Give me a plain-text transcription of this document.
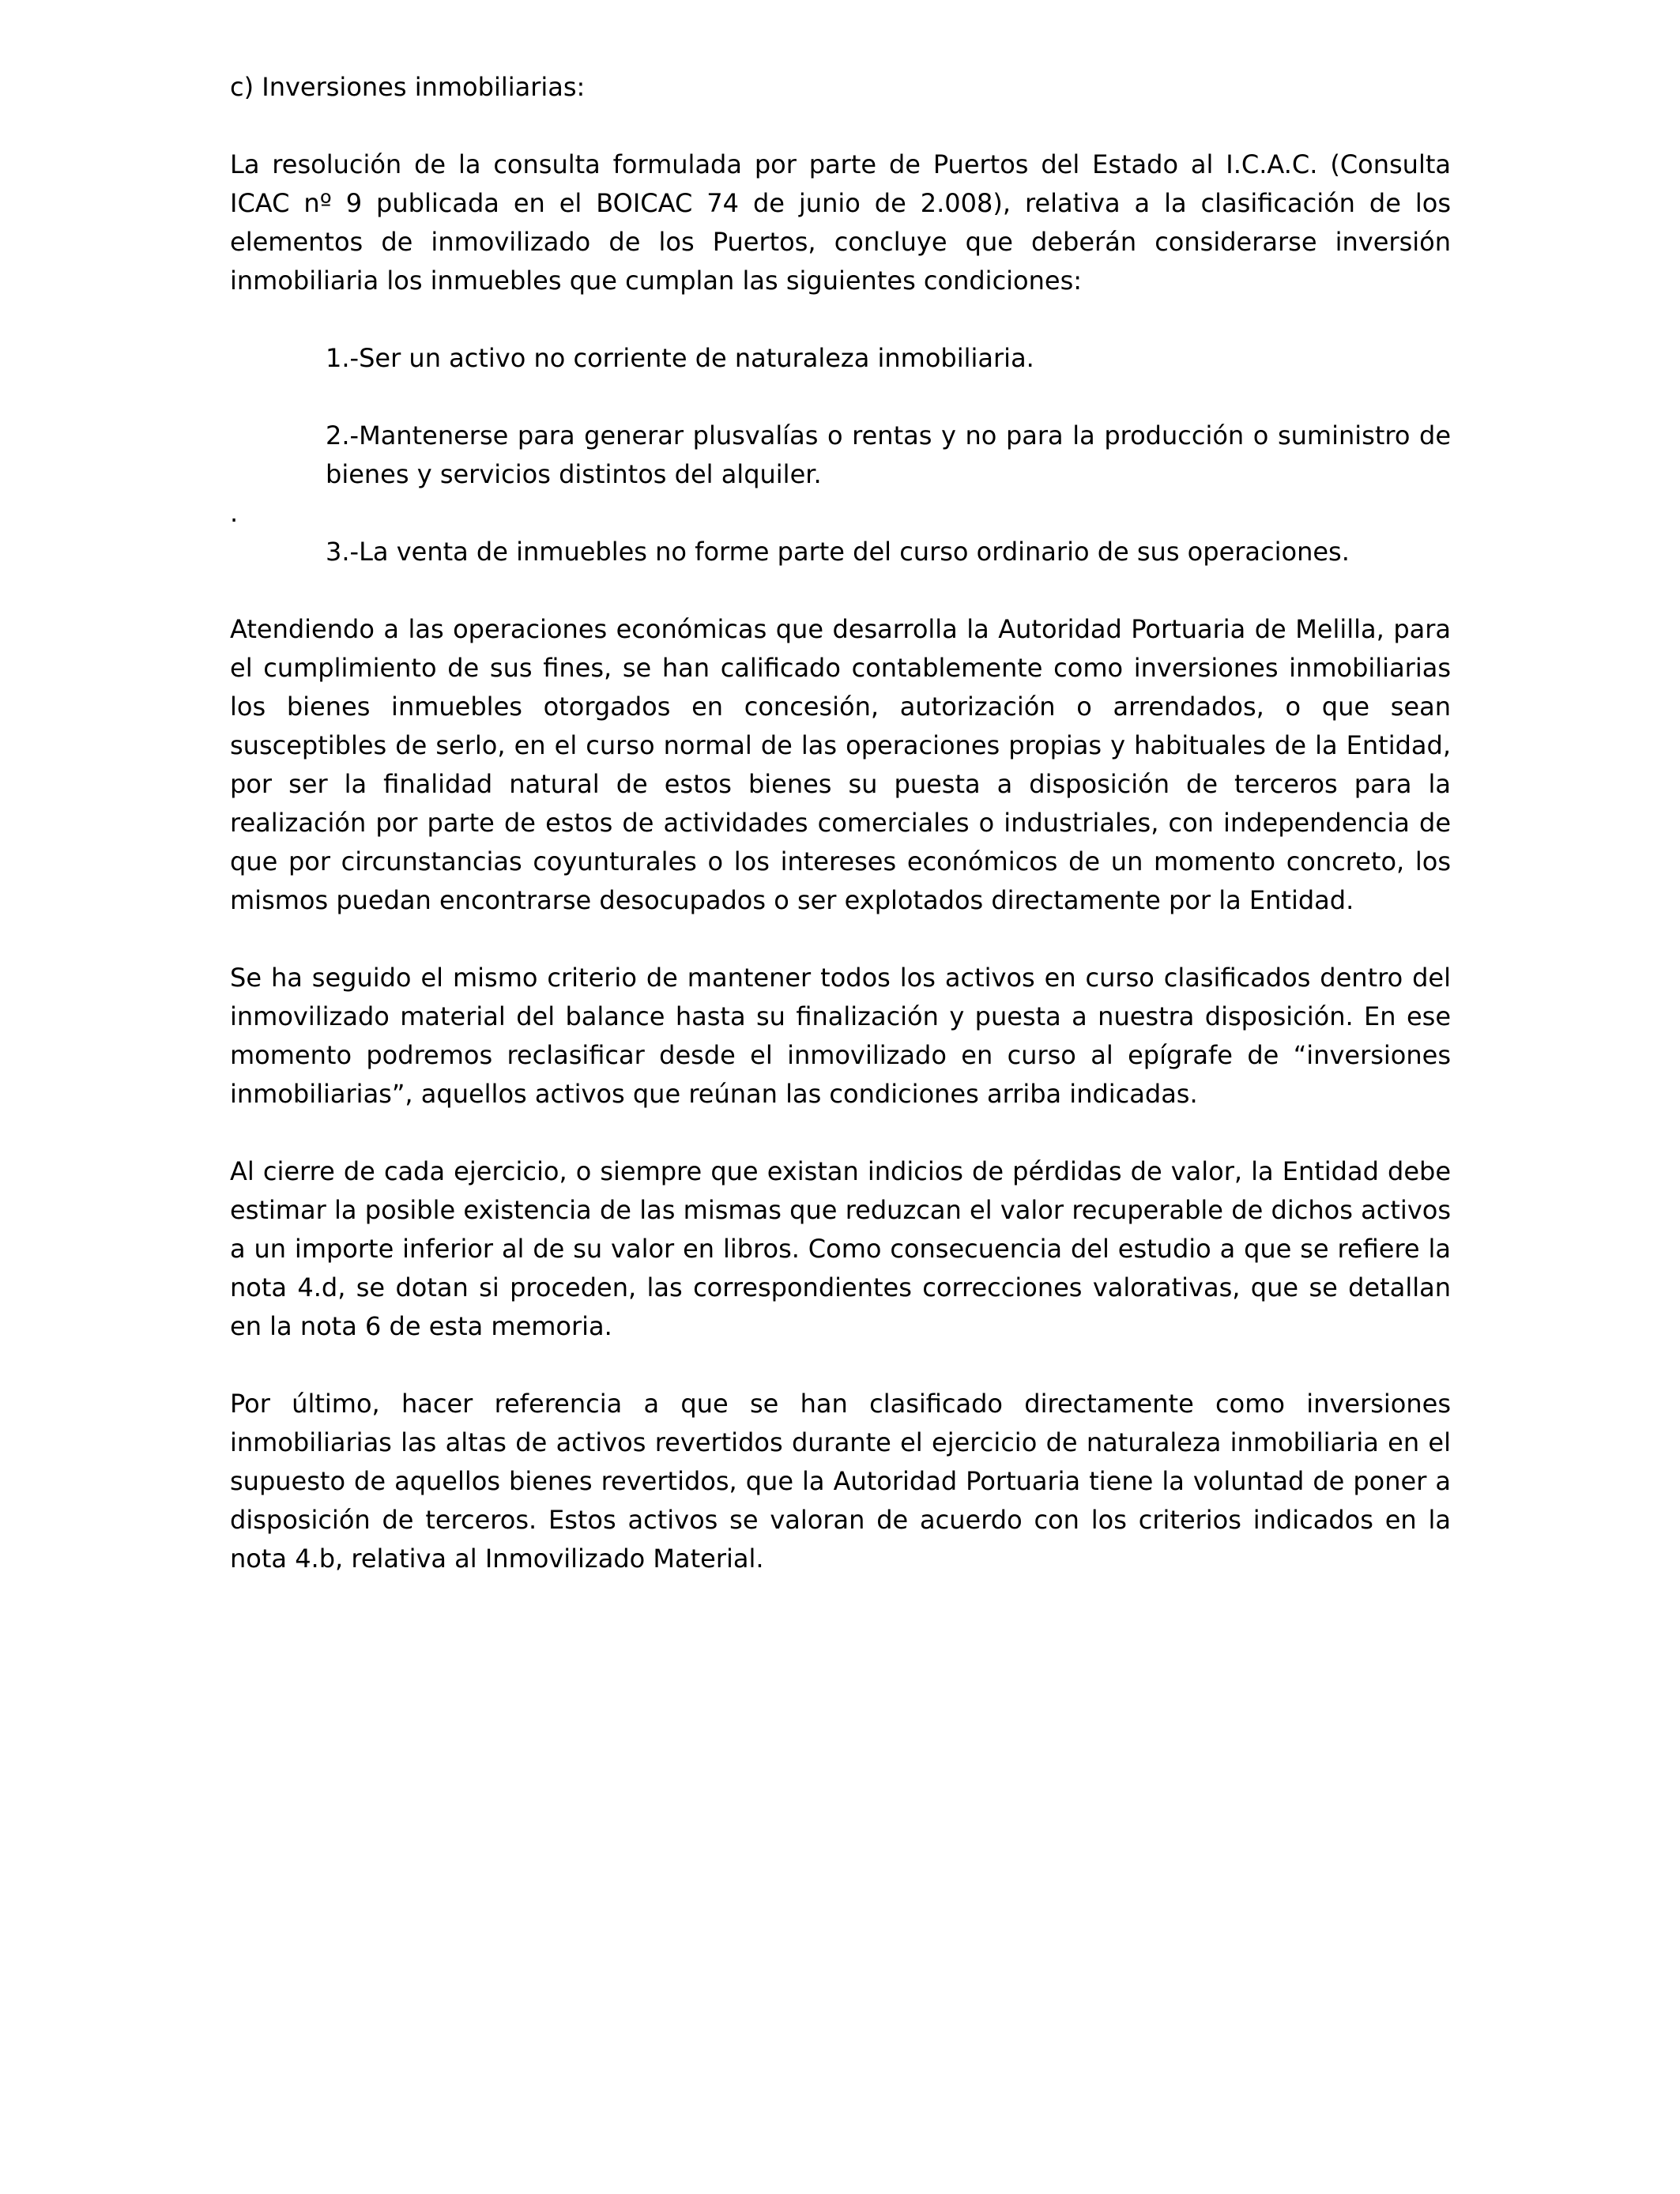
c) Inversiones inmobiliarias:

La resolución de la consulta formulada por parte de Puertos del Estado al I.C.A.C. (Consulta ICAC nº 9 publicada en el BOICAC 74 de junio de 2.008), relativa a la clasificación de los elementos de inmovilizado de los Puertos, concluye que deberán considerarse inversión inmobiliaria los inmuebles que cumplan las siguientes condiciones:

1.-Ser un activo no corriente de naturaleza inmobiliaria.

2.-Mantenerse para generar plusvalías o rentas y no para la producción o suministro de bienes y servicios distintos del alquiler.

.

3.-La venta de inmuebles no forme parte del curso ordinario de sus operaciones.

Atendiendo a las operaciones económicas que desarrolla la Autoridad Portuaria de Melilla, para el cumplimiento de sus fines, se han calificado contablemente como inversiones inmobiliarias los bienes inmuebles otorgados en concesión, autorización o arrendados, o que sean susceptibles de serlo, en el curso normal de las operaciones propias y habituales de la Entidad, por ser la finalidad natural de estos bienes su puesta a disposición de terceros para la realización por parte de estos de actividades comerciales o industriales, con independencia de que por circunstancias coyunturales o los intereses económicos de un momento concreto, los mismos puedan encontrarse desocupados o ser explotados directamente por la Entidad.

Se ha seguido el mismo criterio de mantener todos los activos en curso clasificados dentro del inmovilizado material del balance hasta su finalización y puesta a nuestra disposición. En ese momento podremos reclasificar desde el inmovilizado en curso al epígrafe de “inversiones inmobiliarias”, aquellos activos que reúnan las condiciones arriba indicadas.

Al cierre de cada ejercicio, o siempre que existan indicios de pérdidas de valor, la Entidad debe estimar la posible existencia de las mismas que reduzcan el valor recuperable de dichos activos a un importe inferior al de su valor en libros. Como consecuencia del estudio a que se refiere la nota 4.d, se dotan si proceden, las correspondientes correcciones valorativas, que se detallan en la nota 6 de esta memoria.

Por último, hacer referencia a que se han clasificado directamente como inversiones inmobiliarias las altas de activos revertidos durante el ejercicio de naturaleza inmobiliaria en el supuesto de aquellos bienes revertidos, que la Autoridad Portuaria tiene la voluntad de poner a disposición de terceros. Estos activos se valoran de acuerdo con los criterios indicados en la nota 4.b, relativa al Inmovilizado Material.
